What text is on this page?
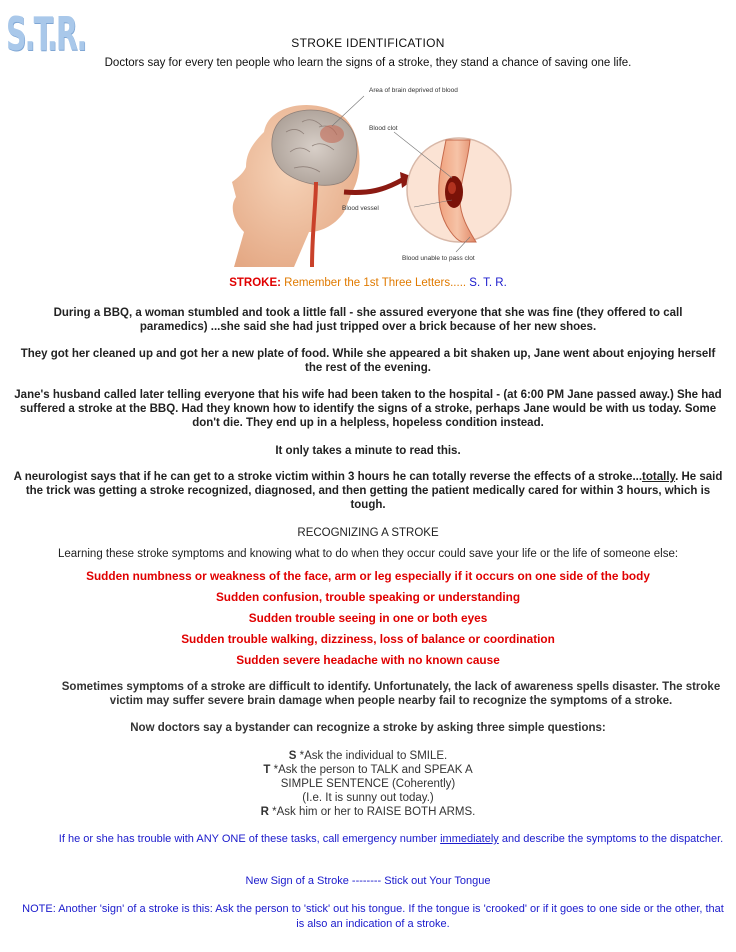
S.T.R.	STROKE IDENTIFICATION
Doctors say for every ten people who learn the signs of a stroke, they stand a chance of saving one life.
Area of brain deprived of blood
Blood clot
Blood vessel
Blood unable to pass clot
STROKE: Remember the 1st Three Letters..... S. T. R.
During a BBQ, a woman stumbled and took a little fall - she assured everyone that she was fine (they offered to call paramedics) ...she said she had just tripped over a brick because of her new shoes.
They got her cleaned up and got her a new plate of food. While she appeared a bit shaken up, Jane went about enjoying herself the rest of the evening.
Jane's husband called later telling everyone that his wife had been taken to the hospital - (at 6:00 PM Jane passed away.) She had suffered a stroke at the BBQ. Had they known how to identify the signs of a stroke, perhaps Jane would be with us today. Some don't die. They end up in a helpless, hopeless condition instead.
It only takes a minute to read this.
A neurologist says that if he can get to a stroke victim within 3 hours he can totally reverse the effects of a stroke...totally. He said the trick was getting a stroke recognized, diagnosed, and then getting the patient medically cared for within 3 hours, which is tough.
RECOGNIZING A STROKE
Learning these stroke symptoms and knowing what to do when they occur could save your life or the life of someone else:
Sudden numbness or weakness of the face, arm or leg especially if it occurs on one side of the body
Sudden confusion, trouble speaking or understanding
Sudden trouble seeing in one or both eyes
Sudden trouble walking, dizziness, loss of balance or coordination
Sudden severe headache with no known cause
Sometimes symptoms of a stroke are difficult to identify. Unfortunately, the lack of awareness spells disaster. The stroke victim may suffer severe brain damage when people nearby fail to recognize the symptoms of a stroke.
Now doctors say a bystander can recognize a stroke by asking three simple questions:
S *Ask the individual to SMILE.
T *Ask the person to TALK and SPEAK A
SIMPLE SENTENCE (Coherently)
(I.e. It is sunny out today.)
R *Ask him or her to RAISE BOTH ARMS.
If he or she has trouble with ANY ONE of these tasks, call emergency number immediately and describe the symptoms to the dispatcher.
New Sign of a Stroke -------- Stick out Your Tongue
NOTE: Another 'sign' of a stroke is this: Ask the person to 'stick' out his tongue. If the tongue is 'crooked' or if it goes to one side or the other, that is also an indication of a stroke.
